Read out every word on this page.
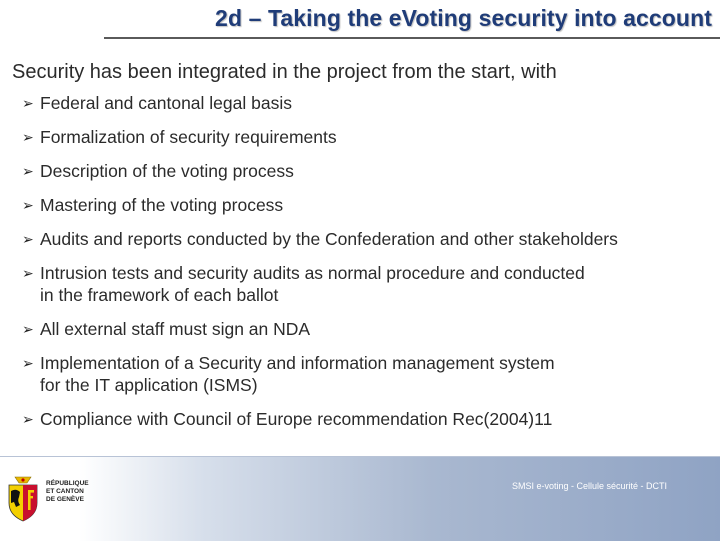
2d – Taking the eVoting security into account
Security has been integrated in the project from the start, with
➢ Federal and cantonal legal basis
➢ Formalization of security requirements
➢ Description of the voting process
➢ Mastering of the voting process
➢ Audits and reports conducted by the Confederation and other stakeholders
➢ Intrusion tests and security audits as normal procedure and conducted
in the framework of each ballot
➢ All external staff must sign an NDA
➢ Implementation of a Security and information management system
for the IT application (ISMS)
➢ Compliance with Council of Europe recommendation Rec(2004)11
RÉPUBLIQUE
ET CANTON
DE GENÈVE
SMSI e-voting - Cellule sécurité - DCTI
